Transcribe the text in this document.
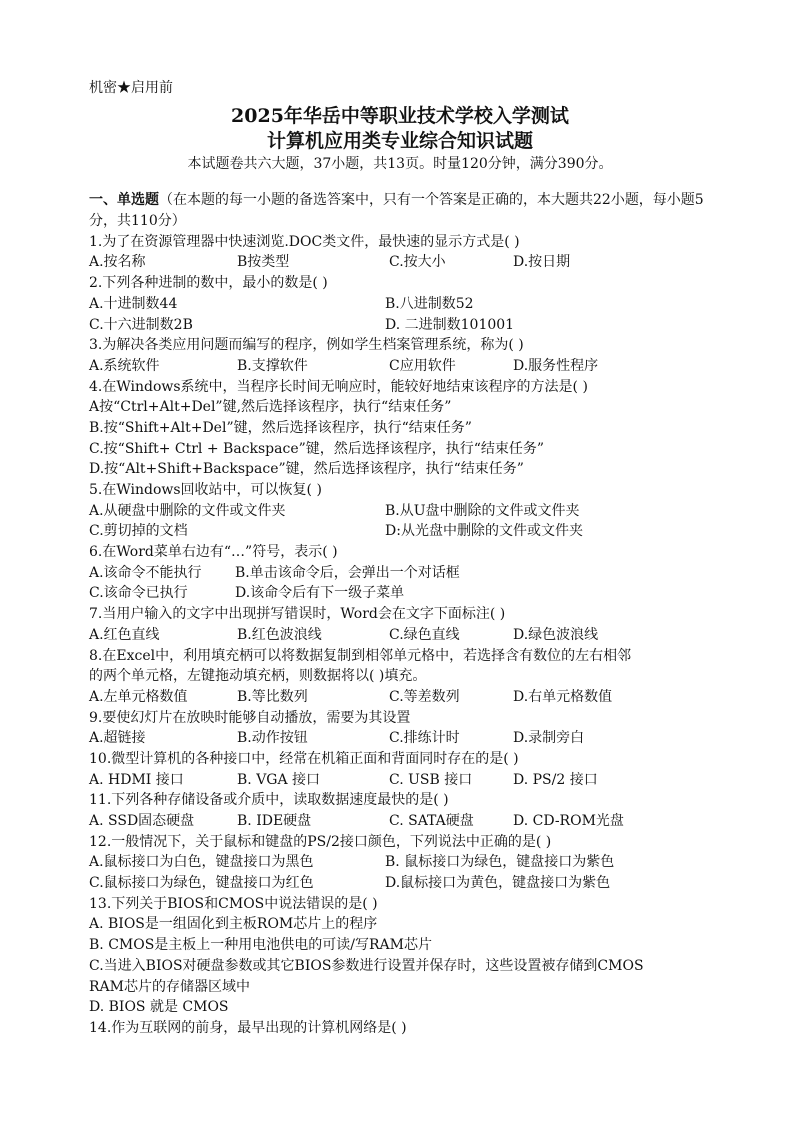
机密★启用前
2025年华岳中等职业技术学校入学测试
计算机应用类专业综合知识试题
本试题卷共六大题，37小题，共13页。时量120分钟，满分390分。
一、单选题（在本题的每一小题的备选答案中，只有一个答案是正确的，本大题共22小题，每小题5分，共110分）
1.为了在资源管理器中快速浏览.DOC类文件，最快速的显示方式是( )
A.按名称	B按类型	C.按大小	D.按日期
2.下列各种进制的数中，最小的数是( )
A.十进制数44	B.八进制数52
C.十六进制数2B	D. 二进制数101001
3.为解决各类应用问题而编写的程序，例如学生档案管理系统，称为( )
A.系统软件	B.支撑软件	C应用软件	D.服务性程序
4.在Windows系统中，当程序长时间无响应时，能较好地结束该程序的方法是( )
A按“Ctrl+Alt+Del”键,然后选择该程序，执行“结束任务”
B.按“Shift+Alt+Del”键，然后选择该程序，执行“结束任务”
C.按“Shift+ Ctrl + Backspace”键，然后选择该程序，执行“结束任务”
D.按“Alt+Shift+Backspace”键，然后选择该程序，执行“结束任务”
5.在Windows回收站中，可以恢复( )
A.从硬盘中删除的文件或文件夹	B.从U盘中删除的文件或文件夹
C.剪切掉的文档	D:从光盘中删除的文件或文件夹
6.在Word菜单右边有“…”符号，表示( )
A.该命令不能执行	B.单击该命令后，会弹出一个对话框
C.该命令已执行	D.该命令后有下一级子菜单
7.当用户输入的文字中出现拼写错误时，Word会在文字下面标注( )
A.红色直线	B.红色波浪线	C.绿色直线	D.绿色波浪线
8.在Excel中，利用填充柄可以将数据复制到相邻单元格中，若选择含有数位的左右相邻
的两个单元格，左键拖动填充柄，则数据将以( )填充。
A.左单元格数值	B.等比数列	C.等差数列	D.右单元格数值
9.要使幻灯片在放映时能够自动播放，需要为其设置
A.超链接	B.动作按钮	C.排练计时	D.录制旁白
10.微型计算机的各种接口中，经常在机箱正面和背面同时存在的是( )
A. HDMI 接口	B. VGA 接口	C. USB 接口	D. PS/2 接口
11.下列各种存储设备或介质中，读取数据速度最快的是( )
A. SSD固态硬盘	B. IDE硬盘	C. SATA硬盘	D. CD-ROM光盘
12.一般情况下，关于鼠标和键盘的PS/2接口颜色，下列说法中正确的是( )
A.鼠标接口为白色，键盘接口为黑色	B. 鼠标接口为绿色，键盘接口为紫色
C.鼠标接口为绿色，键盘接口为红色	D.鼠标接口为黄色，键盘接口为紫色
13.下列关于BIOS和CMOS中说法错误的是( )
A. BIOS是一组固化到主板ROM芯片上的程序
B. CMOS是主板上一种用电池供电的可读/写RAM芯片
C.当进入BIOS对硬盘参数或其它BIOS参数进行设置并保存时，这些设置被存储到CMOS
RAM芯片的存储器区域中
D. BIOS 就是 CMOS
14.作为互联网的前身，最早出现的计算机网络是( )
